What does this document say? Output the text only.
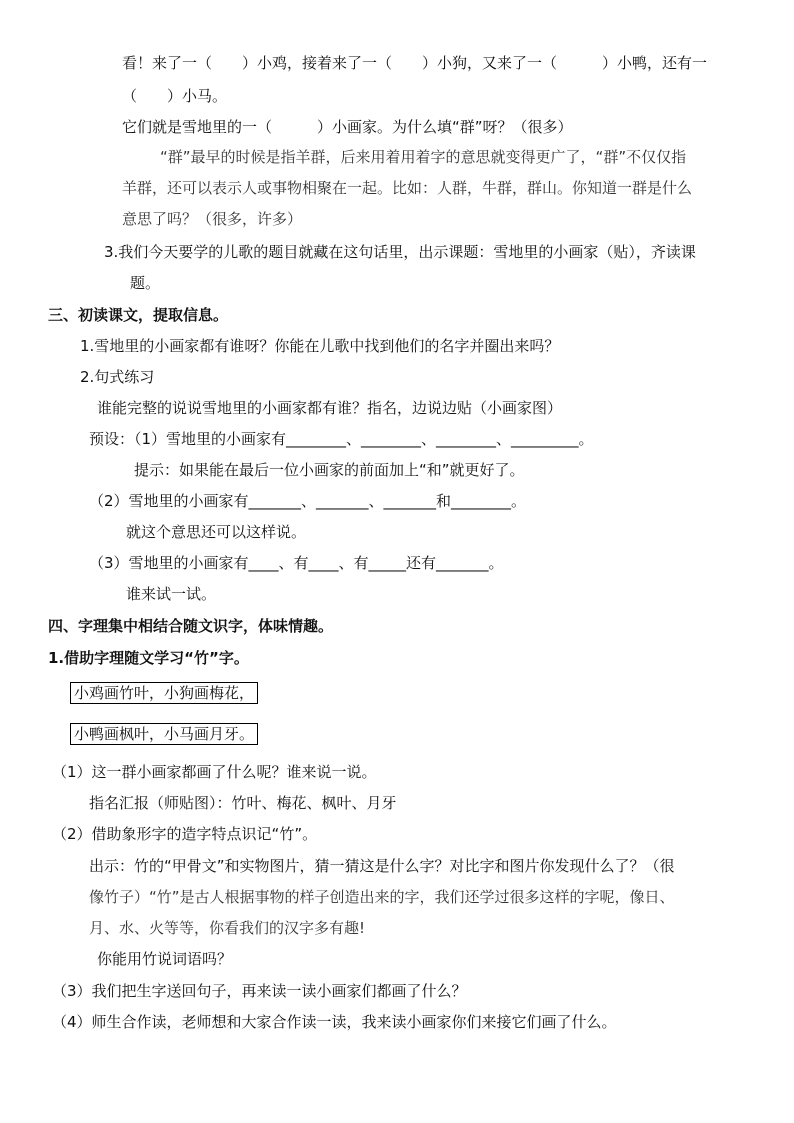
看！来了一（　　）小鸡，接着来了一（　　）小狗，又来了一（　　　）小鸭，还有一
（　　）小马。
它们就是雪地里的一（　　　）小画家。为什么填“群”呀？（很多）
“群”最早的时候是指羊群，后来用着用着字的意思就变得更广了，“群”不仅仅指
羊群，还可以表示人或事物相聚在一起。比如：人群，牛群，群山。你知道一群是什么
意思了吗？（很多，许多）
3.我们今天要学的儿歌的题目就藏在这句话里，出示课题：雪地里的小画家（贴），齐读课
题。
三、初读课文，提取信息。
1.雪地里的小画家都有谁呀？你能在儿歌中找到他们的名字并圈出来吗？
2.句式练习
谁能完整的说说雪地里的小画家都有谁？指名，边说边贴（小画家图）
预设：（1）雪地里的小画家有________、________、________、_________。
提示：如果能在最后一位小画家的前面加上“和”就更好了。
（2）雪地里的小画家有_______、_______、_______和________。
就这个意思还可以这样说。
（3）雪地里的小画家有____、有____、有_____还有_______。
谁来试一试。
四、字理集中相结合随文识字，体味情趣。
1.借助字理随文学习“竹”字。
小鸡画竹叶，小狗画梅花，
小鸭画枫叶，小马画月牙。
（1）这一群小画家都画了什么呢？谁来说一说。
指名汇报（师贴图）：竹叶、梅花、枫叶、月牙
（2）借助象形字的造字特点识记“竹”。
出示：竹的“甲骨文”和实物图片，猜一猜这是什么字？对比字和图片你发现什么了？（很
像竹子）“竹”是古人根据事物的样子创造出来的字，我们还学过很多这样的字呢，像日、
月、水、火等等，你看我们的汉字多有趣!
你能用竹说词语吗？
（3）我们把生字送回句子，再来读一读小画家们都画了什么？
（4）师生合作读，老师想和大家合作读一读，我来读小画家你们来接它们画了什么。
